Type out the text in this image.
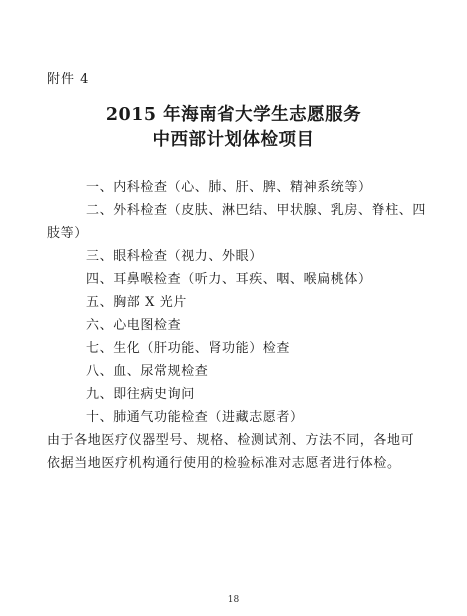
附件 4
2015 年海南省大学生志愿服务
中西部计划体检项目
一、内科检查（心、肺、肝、脾、精神系统等）
二、外科检查（皮肤、淋巴结、甲状腺、乳房、脊柱、四
肢等）
三、眼科检查（视力、外眼）
四、耳鼻喉检查（听力、耳疾、咽、喉扁桃体）
五、胸部 X 光片
六、心电图检查
七、生化（肝功能、肾功能）检查
八、血、尿常规检查
九、即往病史询问
十、肺通气功能检查（进藏志愿者）
由于各地医疗仪器型号、规格、检测试剂、方法不同，各地可
依据当地医疗机构通行使用的检验标准对志愿者进行体检。
18
